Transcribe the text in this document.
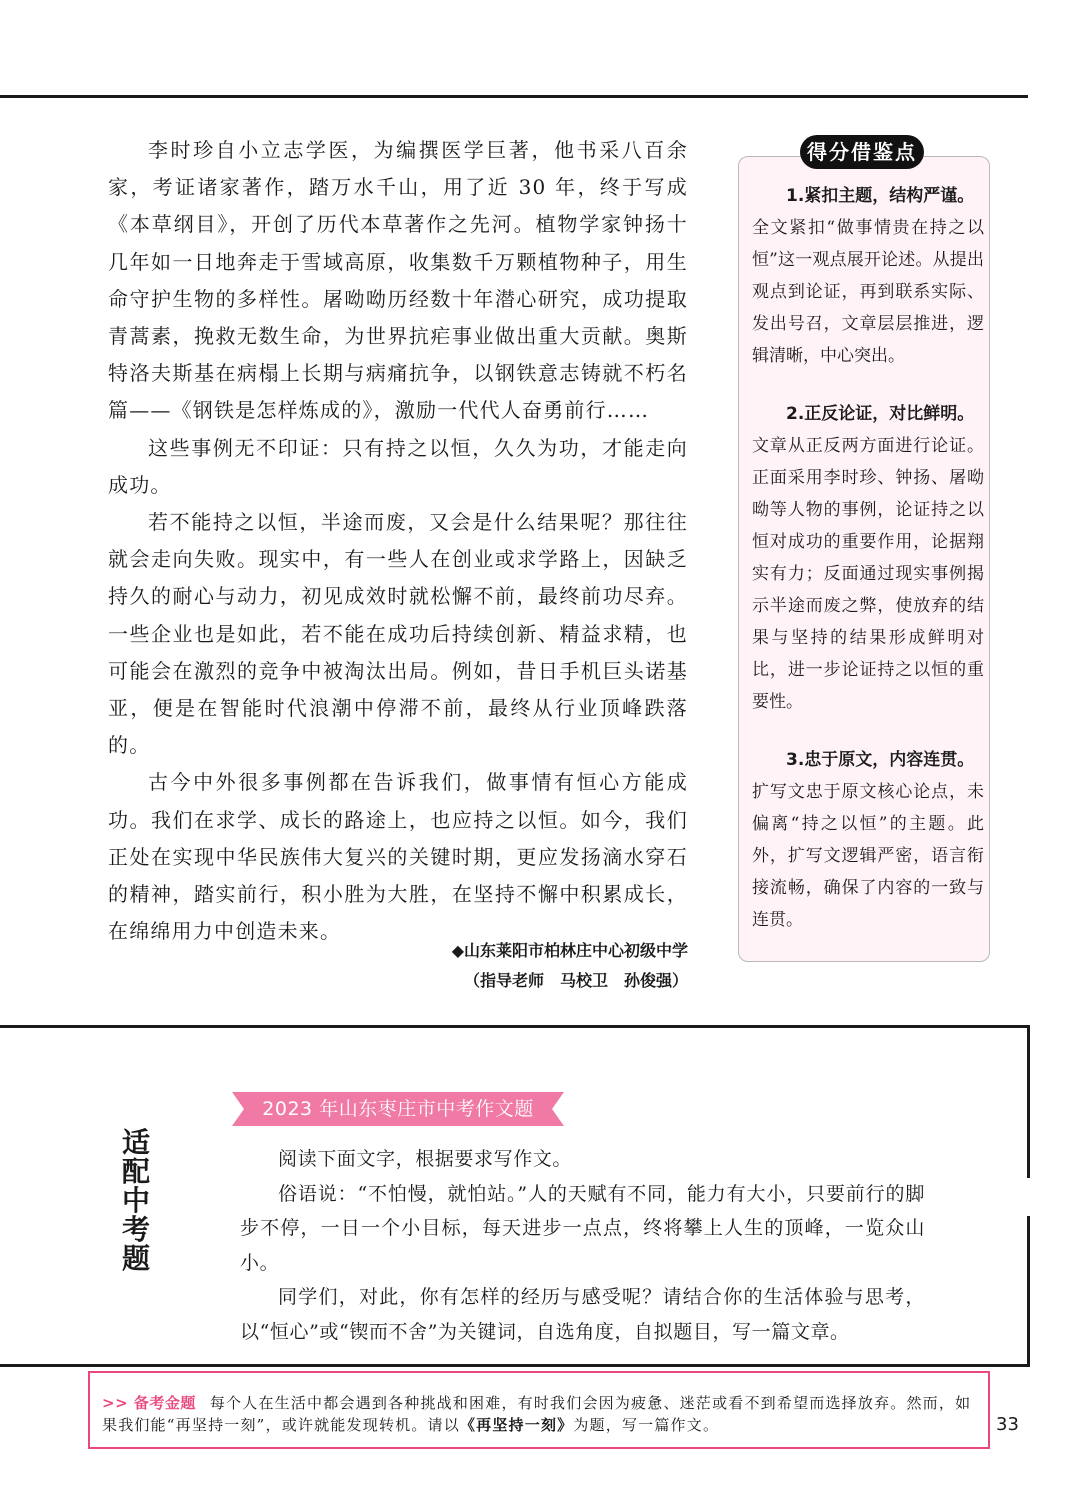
李时珍自小立志学医，为编撰医学巨著，他书采八百余家，考证诸家著作，踏万水千山，用了近 30 年，终于写成《本草纲目》，开创了历代本草著作之先河。植物学家钟扬十几年如一日地奔走于雪域高原，收集数千万颗植物种子，用生命守护生物的多样性。屠呦呦历经数十年潜心研究，成功提取青蒿素，挽救无数生命，为世界抗疟事业做出重大贡献。奥斯特洛夫斯基在病榻上长期与病痛抗争，以钢铁意志铸就不朽名篇——《钢铁是怎样炼成的》，激励一代代人奋勇前行……

这些事例无不印证：只有持之以恒，久久为功，才能走向成功。

若不能持之以恒，半途而废，又会是什么结果呢？那往往就会走向失败。现实中，有一些人在创业或求学路上，因缺乏持久的耐心与动力，初见成效时就松懈不前，最终前功尽弃。一些企业也是如此，若不能在成功后持续创新、精益求精，也可能会在激烈的竞争中被淘汰出局。例如，昔日手机巨头诺基亚，便是在智能时代浪潮中停滞不前，最终从行业顶峰跌落的。

古今中外很多事例都在告诉我们，做事情有恒心方能成功。我们在求学、成长的路途上，也应持之以恒。如今，我们正处在实现中华民族伟大复兴的关键时期，更应发扬滴水穿石的精神，踏实前行，积小胜为大胜，在坚持不懈中积累成长，在绵绵用力中创造未来。

◆山东莱阳市柏林庄中心初级中学
（指导老师　马校卫　孙俊强）
得分借鉴点

1.紧扣主题，结构严谨。

全文紧扣“做事情贵在持之以恒”这一观点展开论述。从提出观点到论证，再到联系实际、发出号召，文章层层推进，逻辑清晰，中心突出。

2.正反论证，对比鲜明。

文章从正反两方面进行论证。正面采用李时珍、钟扬、屠呦呦等人物的事例，论证持之以恒对成功的重要作用，论据翔实有力；反面通过现实事例揭示半途而废之弊，使放弃的结果与坚持的结果形成鲜明对比，进一步论证持之以恒的重要性。

3.忠于原文，内容连贯。

扩写文忠于原文核心论点，未偏离“持之以恒”的主题。此外，扩写文逻辑严密，语言衔接流畅，确保了内容的一致与连贯。

适
配
中
考
题
2023 年山东枣庄市中考作文题

阅读下面文字，根据要求写作文。

俗语说：“不怕慢，就怕站。”人的天赋有不同，能力有大小，只要前行的脚步不停，一日一个小目标，每天进步一点点，终将攀上人生的顶峰，一览众山小。

同学们，对此，你有怎样的经历与感受呢？请结合你的生活体验与思考，以“恒心”或“锲而不舍”为关键词，自选角度，自拟题目，写一篇文章。

>> 备考金题 每个人在生活中都会遇到各种挑战和困难，有时我们会因为疲惫、迷茫或看不到希望而选择放弃。然而，如果我们能“再坚持一刻”，或许就能发现转机。请以《再坚持一刻》为题，写一篇作文。	33
